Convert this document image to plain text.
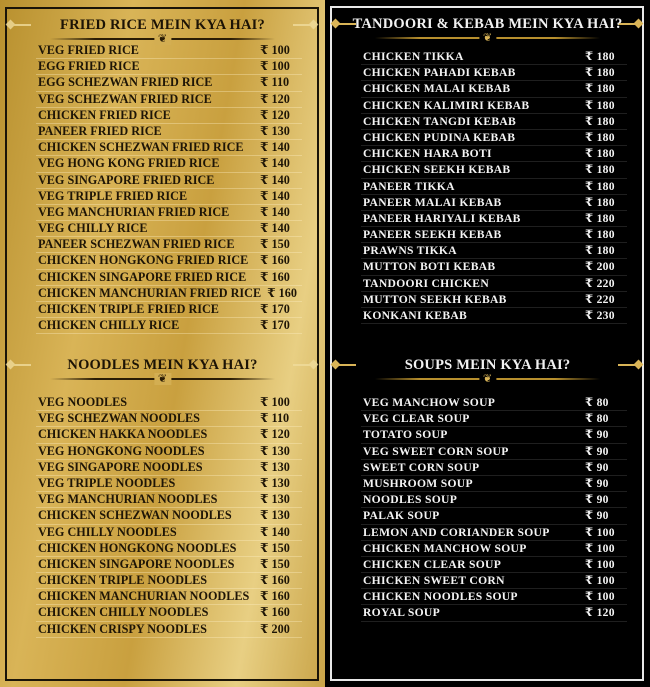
FRIED RICE MEIN KYA HAI?
❦
VEG FRIED RICE	₹ 100
EGG FRIED RICE	₹ 100
EGG SCHEZWAN FRIED RICE	₹ 110
VEG SCHEZWAN FRIED RICE	₹ 120
CHICKEN FRIED RICE	₹ 120
PANEER FRIED RICE	₹ 130
CHICKEN SCHEZWAN FRIED RICE ₹ 140
VEG HONG KONG FRIED RICE	₹ 140
VEG SINGAPORE FRIED RICE	₹ 140
VEG TRIPLE FRIED RICE	₹ 140
VEG MANCHURIAN FRIED RICE	₹ 140
VEG CHILLY RICE	₹ 140
PANEER SCHEZWAN FRIED RICE ₹ 150
CHICKEN HONGKONG FRIED RICE ₹ 160
CHICKEN SINGAPORE FRIED RICE ₹ 160
CHICKEN MANCHURIAN FRIED RICE ₹ 160
CHICKEN TRIPLE FRIED RICE	₹ 170
CHICKEN CHILLY RICE	₹ 170
NOODLES MEIN KYA HAI?
❦
VEG NOODLES	₹ 100
VEG SCHEZWAN NOODLES	₹ 110
CHICKEN HAKKA NOODLES	₹ 120
VEG HONGKONG NOODLES	₹ 130
VEG SINGAPORE NOODLES	₹ 130
VEG TRIPLE NOODLES	₹ 130
VEG MANCHURIAN NOODLES	₹ 130
CHICKEN SCHEZWAN NOODLES ₹ 130
VEG CHILLY NOODLES	₹ 140
CHICKEN HONGKONG NOODLES ₹ 150
CHICKEN SINGAPORE NOODLES ₹ 150
CHICKEN TRIPLE NOODLES	₹ 160
CHICKEN MANCHURIAN NOODLES ₹ 160
CHICKEN CHILLY NOODLES	₹ 160
CHICKEN CRISPY NOODLES	₹ 200
TANDOORI & KEBAB MEIN KYA HAI?
❦
CHICKEN TIKKA	₹ 180
CHICKEN PAHADI KEBAB	₹ 180
CHICKEN MALAI KEBAB	₹ 180
CHICKEN KALIMIRI KEBAB	₹ 180
CHICKEN TANGDI KEBAB	₹ 180
CHICKEN PUDINA KEBAB	₹ 180
CHICKEN HARA BOTI	₹ 180
CHICKEN SEEKH KEBAB	₹ 180
PANEER TIKKA	₹ 180
PANEER MALAI KEBAB	₹ 180
PANEER HARIYALI KEBAB	₹ 180
PANEER SEEKH KEBAB	₹ 180
PRAWNS TIKKA	₹ 180
MUTTON BOTI KEBAB	₹ 200
TANDOORI CHICKEN	₹ 220
MUTTON SEEKH KEBAB	₹ 220
KONKANI KEBAB	₹ 230
SOUPS MEIN KYA HAI?
❦
VEG MANCHOW SOUP	₹ 80
VEG CLEAR SOUP	₹ 80
TOTATO SOUP	₹ 90
VEG SWEET CORN SOUP	₹ 90
SWEET CORN SOUP	₹ 90
MUSHROOM SOUP	₹ 90
NOODLES SOUP	₹ 90
PALAK SOUP	₹ 90
LEMON AND CORIANDER SOUP	₹ 100
CHICKEN MANCHOW SOUP	₹ 100
CHICKEN CLEAR SOUP	₹ 100
CHICKEN SWEET CORN	₹ 100
CHICKEN NOODLES SOUP	₹ 100
ROYAL SOUP	₹ 120
